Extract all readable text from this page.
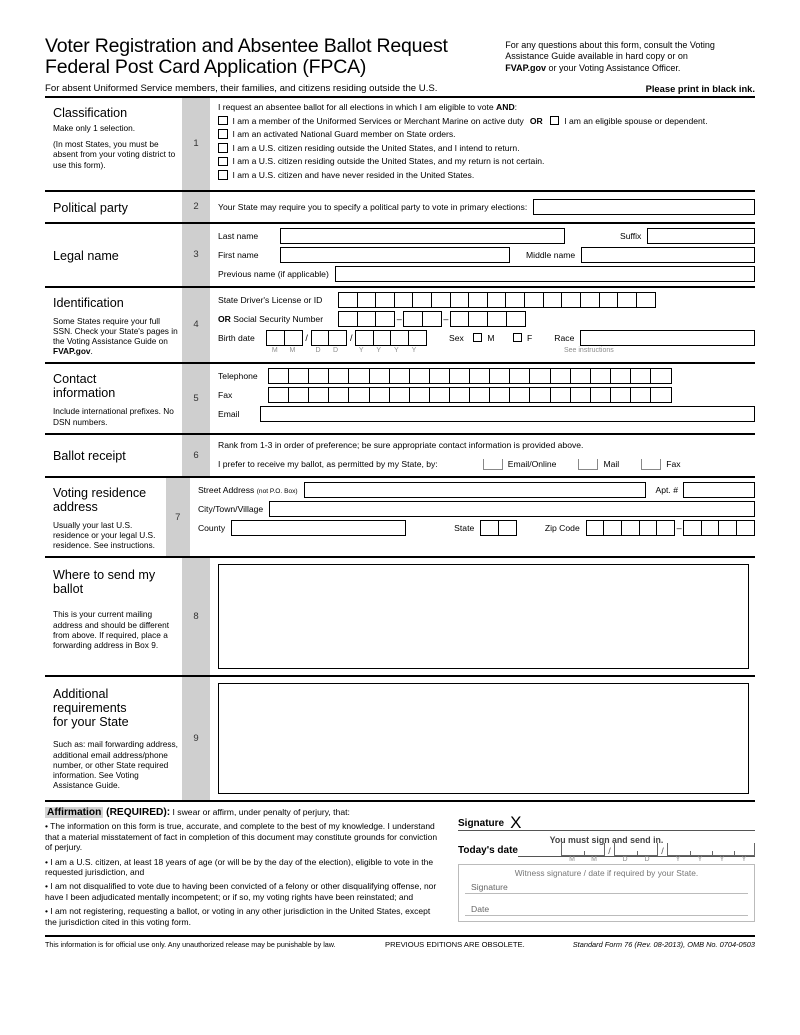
Voter Registration and Absentee Ballot Request
Federal Post Card Application (FPCA)
For any questions about this form, consult the Voting
Assistance Guide available in hard copy or on
FVAP.gov or your Voting Assistance Officer.
For absent Uniformed Service members, their families, and citizens residing outside the U.S.	Please print in black ink.
Classification
Make only 1 selection.
(In most States, you must be absent from your voting district to use this form).
1
I request an absentee ballot for all elections in which I am eligible to vote AND:
I am a member of the Uniformed Services or Merchant Marine on active duty OR	I am an eligible spouse or dependent.
I am an activated National Guard member on State orders.
I am a U.S. citizen residing outside the United States, and I intend to return.
I am a U.S. citizen residing outside the United States, and my return is not certain.
I am a U.S. citizen and have never resided in the United States.
Political party	2	Your State may require you to specify a political party to vote in primary elections:
Legal name	3
Last name	Suffix
First name	Middle name
Previous name (if applicable)
Identification
Some States require your full SSN. Check your State's pages in the Voting Assistance Guide on FVAP.gov.
4
State Driver's License or ID
OR Social Security Number	–	–
Birth date	/	/	Sex	M	F	Race
M	M	D	D	Y	Y	Y	Y	See instructions
Contact
information
Include international prefixes. No DSN numbers.
5
Telephone
Fax
Email
Ballot receipt	6
Rank from 1-3 in order of preference; be sure appropriate contact information is provided above.
I prefer to receive my ballot, as permitted by my State, by:	Email/Online	Mail	Fax
Voting residence
address
Usually your last U.S. residence or your legal U.S. residence. See instructions.
7
Street Address (not P.O. Box)	Apt. #
City/Town/Village
County	State	Zip Code	–
Where to send my
ballot
This is your current mailing address and should be different from above. If required, place a forwarding address in Box 9.
8
Additional
requirements
for your State
Such as: mail forwarding address, additional email address/phone number, or other State required information. See Voting Assistance Guide.
9
Affirmation (REQUIRED): I swear or affirm, under penalty of perjury, that:
• The information on this form is true, accurate, and complete to the best of my knowledge. I understand that a material misstatement of fact in completion of this document may constitute grounds for conviction of perjury.
• I am a U.S. citizen, at least 18 years of age (or will be by the day of the election), eligible to vote in the requested jurisdiction, and
• I am not disqualified to vote due to having been convicted of a felony or other disqualifying offense, nor have I been adjudicated mentally incompetent; or if so, my voting rights have been reinstated; and
• I am not registering, requesting a ballot, or voting in any other jurisdiction in the United States, except the jurisdiction cited in this voting form.
Signature X
You must sign and send in.
Today's date	/	/
M	M	D	D	Y	Y	Y	Y
Witness signature / date if required by your State.
Signature
Date
This information is for official use only. Any unauthorized release may be punishable by law.	PREVIOUS EDITIONS ARE OBSOLETE.	Standard Form 76 (Rev. 08-2013), OMB No. 0704-0503
